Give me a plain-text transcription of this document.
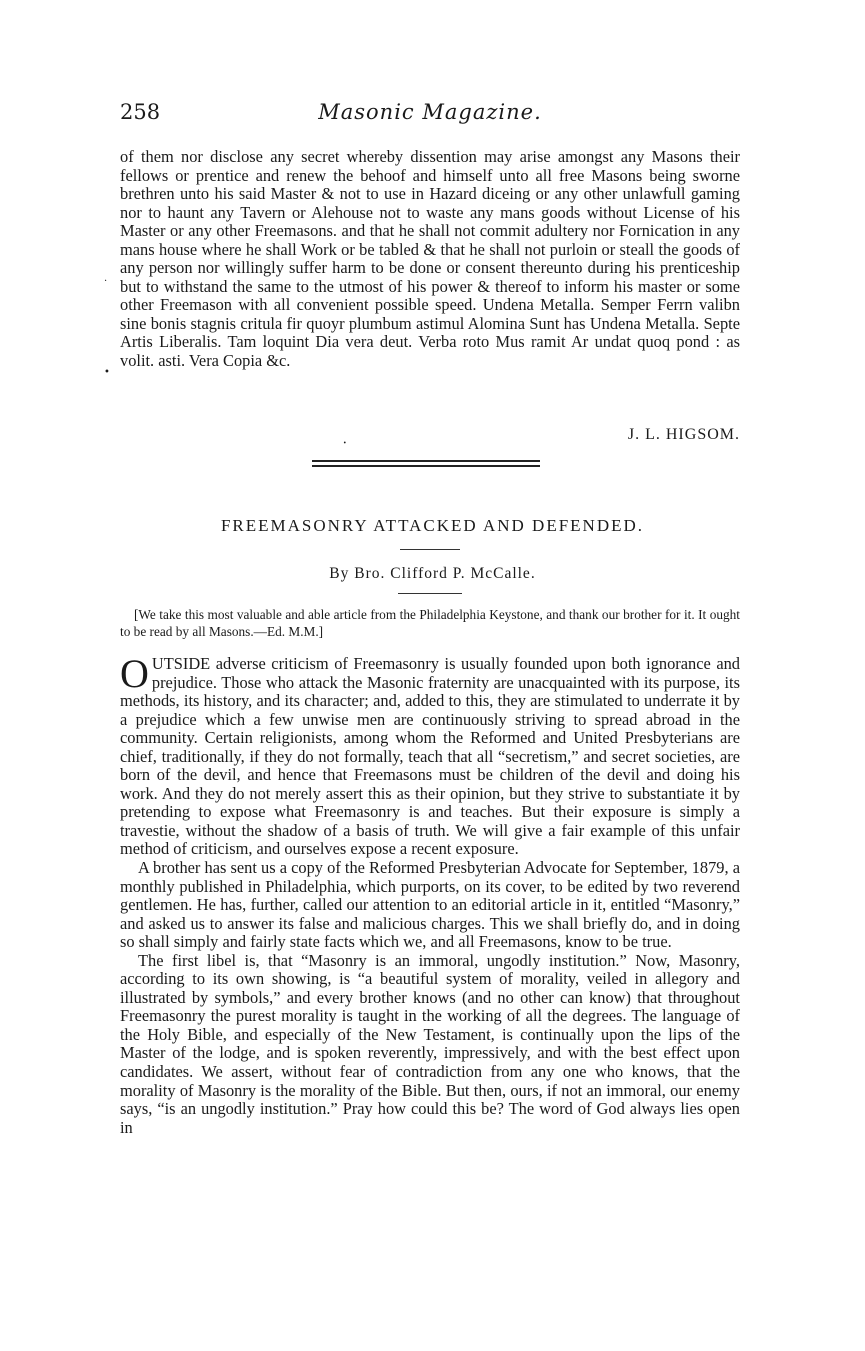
258	Masonic Magazine.
.
•

of them nor disclose any secret whereby dissention may arise amongst any Masons their fellows or prentice and renew the behoof and himself unto all free Masons being sworne brethren unto his said Master & not to use in Hazard diceing or any other unlawfull gaming nor to haunt any Tavern or Alehouse not to waste any mans goods without License of his Master or any other Freemasons. and that he shall not commit adultery nor Fornication in any mans house where he shall Work or be tabled & that he shall not purloin or steall the goods of any person nor willingly suffer harm to be done or consent thereunto during his prenticeship but to withstand the same to the utmost of his power & thereof to inform his master or some other Freemason with all convenient possible speed. Undena Metalla. Semper Ferrn valibn sine bonis stagnis critula fir quoyr plumbum astimul Alomina Sunt has Undena Metalla. Septe Artis Liberalis. Tam loquint Dia vera deut. Verba roto Mus ramit Ar undat quoq pond : as volit. asti. Vera Copia &c.

J. L. HIGSOM.
•
FREEMASONRY ATTACKED AND DEFENDED.
By Bro. Clifford P. McCalle.
[We take this most valuable and able article from the Philadelphia Keystone, and thank our brother for it. It ought to be read by all Masons.—Ed. M.M.]

OUTSIDE adverse criticism of Freemasonry is usually founded upon both ignorance and prejudice. Those who attack the Masonic fraternity are unacquainted with its purpose, its methods, its history, and its character; and, added to this, they are stimulated to underrate it by a prejudice which a few unwise men are continuously striving to spread abroad in the community. Certain religionists, among whom the Reformed and United Presbyterians are chief, traditionally, if they do not formally, teach that all “secretism,” and secret societies, are born of the devil, and hence that Freemasons must be children of the devil and doing his work. And they do not merely assert this as their opinion, but they strive to substantiate it by pretending to expose what Freemasonry is and teaches. But their exposure is simply a travestie, without the shadow of a basis of truth. We will give a fair example of this unfair method of criticism, and ourselves expose a recent exposure.

A brother has sent us a copy of the Reformed Presbyterian Advocate for September, 1879, a monthly published in Philadelphia, which purports, on its cover, to be edited by two reverend gentlemen. He has, further, called our attention to an editorial article in it, entitled “Masonry,” and asked us to answer its false and malicious charges. This we shall briefly do, and in doing so shall simply and fairly state facts which we, and all Freemasons, know to be true.

The first libel is, that “Masonry is an immoral, ungodly institution.” Now, Masonry, according to its own showing, is “a beautiful system of morality, veiled in allegory and illustrated by symbols,” and every brother knows (and no other can know) that throughout Freemasonry the purest morality is taught in the working of all the degrees. The language of the Holy Bible, and especially of the New Testament, is continually upon the lips of the Master of the lodge, and is spoken reverently, impressively, and with the best effect upon candidates. We assert, without fear of contradiction from any one who knows, that the morality of Masonry is the morality of the Bible. But then, ours, if not an immoral, our enemy says, “is an ungodly institution.” Pray how could this be? The word of God always lies open in
